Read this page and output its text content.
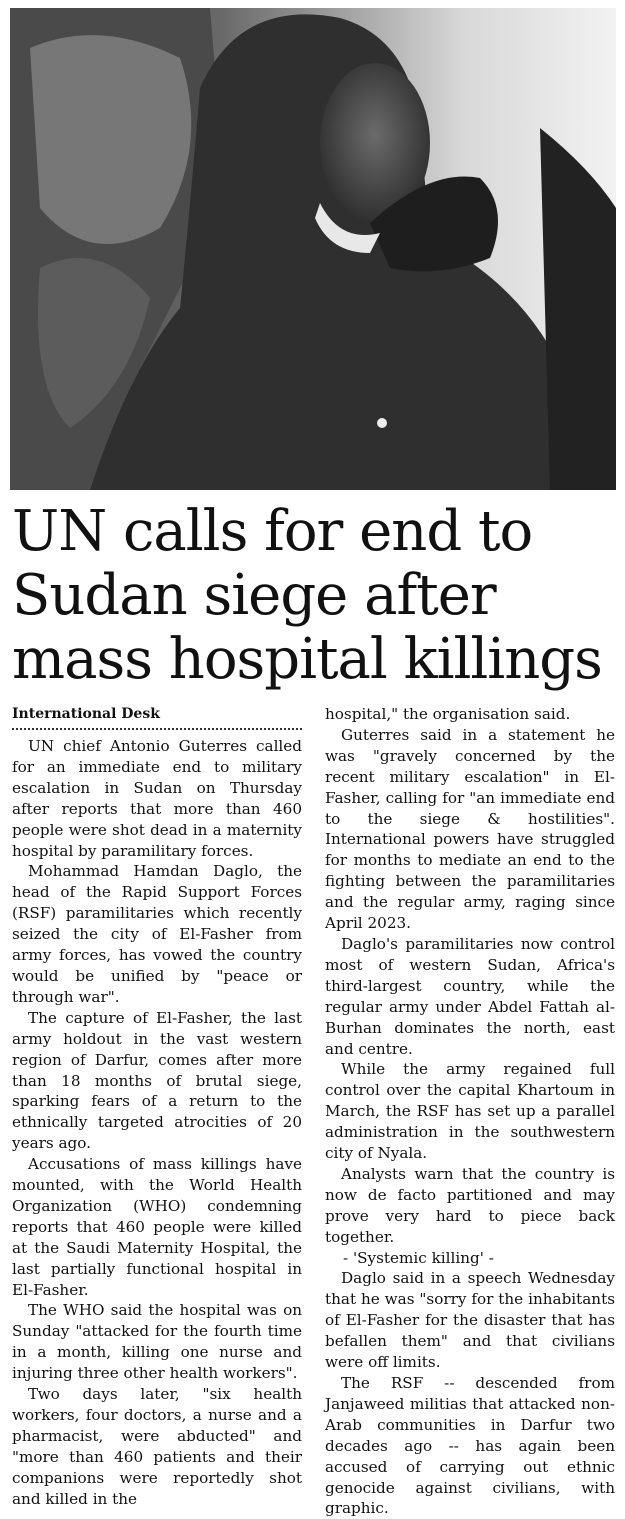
UN calls for end to Sudan siege after mass hospital killings
International Desk

UN chief Antonio Guterres called for an immediate end to military escalation in Sudan on Thursday after reports that more than 460 people were shot dead in a maternity hospital by paramilitary forces.

Mohammad Hamdan Daglo, the head of the Rapid Support Forces (RSF) paramilitaries which recently seized the city of El-Fasher from army forces, has vowed the country would be unified by "peace or through war".

The capture of El-Fasher, the last army holdout in the vast western region of Darfur, comes after more than 18 months of brutal siege, sparking fears of a return to the ethnically targeted atrocities of 20 years ago.

Accusations of mass killings have mounted, with the World Health Organization (WHO) condemning reports that 460 people were killed at the Saudi Maternity Hospital, the last partially functional hospital in El-Fasher.

The WHO said the hospital was on Sunday "attacked for the fourth time in a month, killing one nurse and injuring three other health workers".

Two days later, "six health workers, four doctors, a nurse and a pharmacist, were abducted" and "more than 460 patients and their companions were reportedly shot and killed in the

hospital," the organisation said.

Guterres said in a statement he was "gravely concerned by the recent military escalation" in El-Fasher, calling for "an immediate end to the siege & hostilities". International powers have struggled for months to mediate an end to the fighting between the paramilitaries and the regular army, raging since April 2023.

Daglo's paramilitaries now control most of western Sudan, Africa's third-largest country, while the regular army under Abdel Fattah al-Burhan dominates the north, east and centre.

While the army regained full control over the capital Khartoum in March, the RSF has set up a parallel administration in the southwestern city of Nyala.

Analysts warn that the country is now de facto partitioned and may prove very hard to piece back together.

- 'Systemic killing' -

Daglo said in a speech Wednesday that he was "sorry for the inhabitants of El-Fasher for the disaster that has befallen them" and that civilians were off limits.

The RSF -- descended from Janjaweed militias that attacked non-Arab communities in Darfur two decades ago -- has again been accused of carrying out ethnic genocide against civilians, with graphic.
